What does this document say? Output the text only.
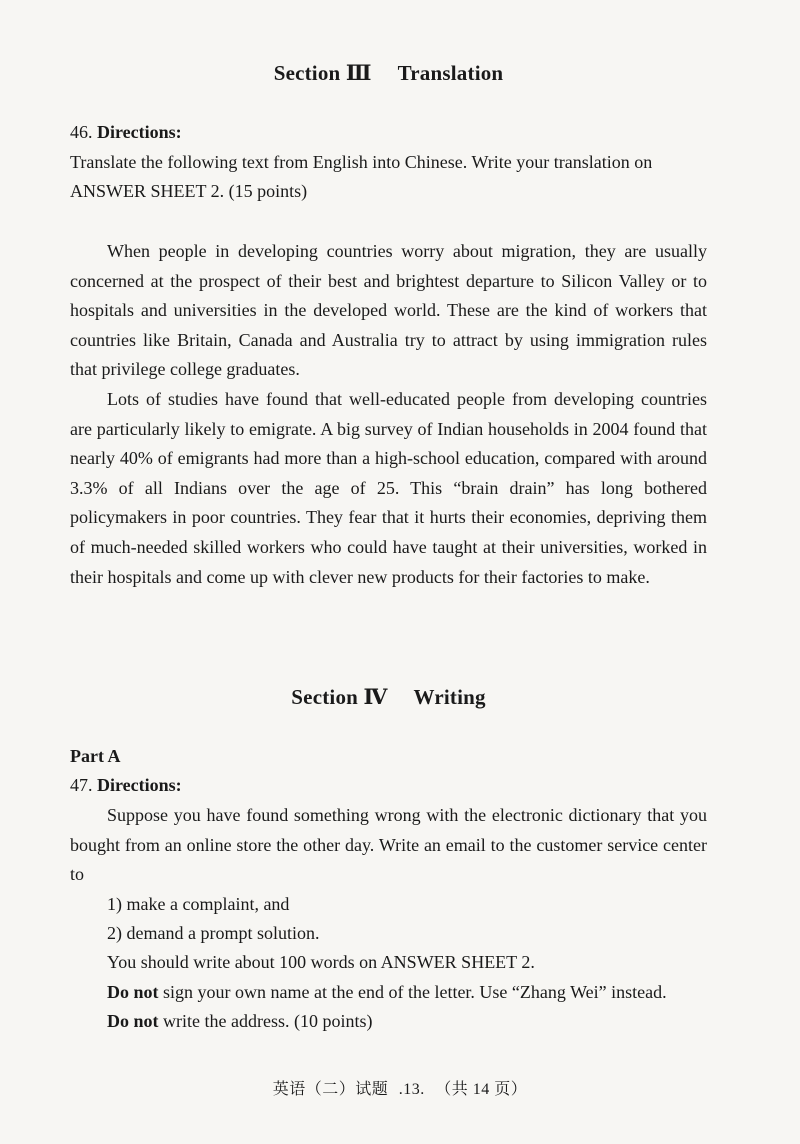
Section Ⅲ Translation
46. Directions:
Translate the following text from English into Chinese. Write your translation on
ANSWER SHEET 2. (15 points)

When people in developing countries worry about migration, they are usually concerned at the prospect of their best and brightest departure to Silicon Valley or to hospitals and universities in the developed world. These are the kind of workers that countries like Britain, Canada and Australia try to attract by using immigration rules that privilege college graduates.

Lots of studies have found that well-educated people from developing countries are particularly likely to emigrate. A big survey of Indian households in 2004 found that nearly 40% of emigrants had more than a high-school education, compared with around 3.3% of all Indians over the age of 25. This “brain drain” has long bothered policymakers in poor countries. They fear that it hurts their economies, depriving them of much-needed skilled workers who could have taught at their universities, worked in their hospitals and come up with clever new products for their factories to make.

Section Ⅳ Writing
Part A
47. Directions:

Suppose you have found something wrong with the electronic dictionary that you bought from an online store the other day. Write an email to the customer service center to

1) make a complaint, and
2) demand a prompt solution.
You should write about 100 words on ANSWER SHEET 2.
Do not sign your own name at the end of the letter. Use “Zhang Wei” instead.
Do not write the address. (10 points)
英语（二）试题 .13. （共 14 页）
